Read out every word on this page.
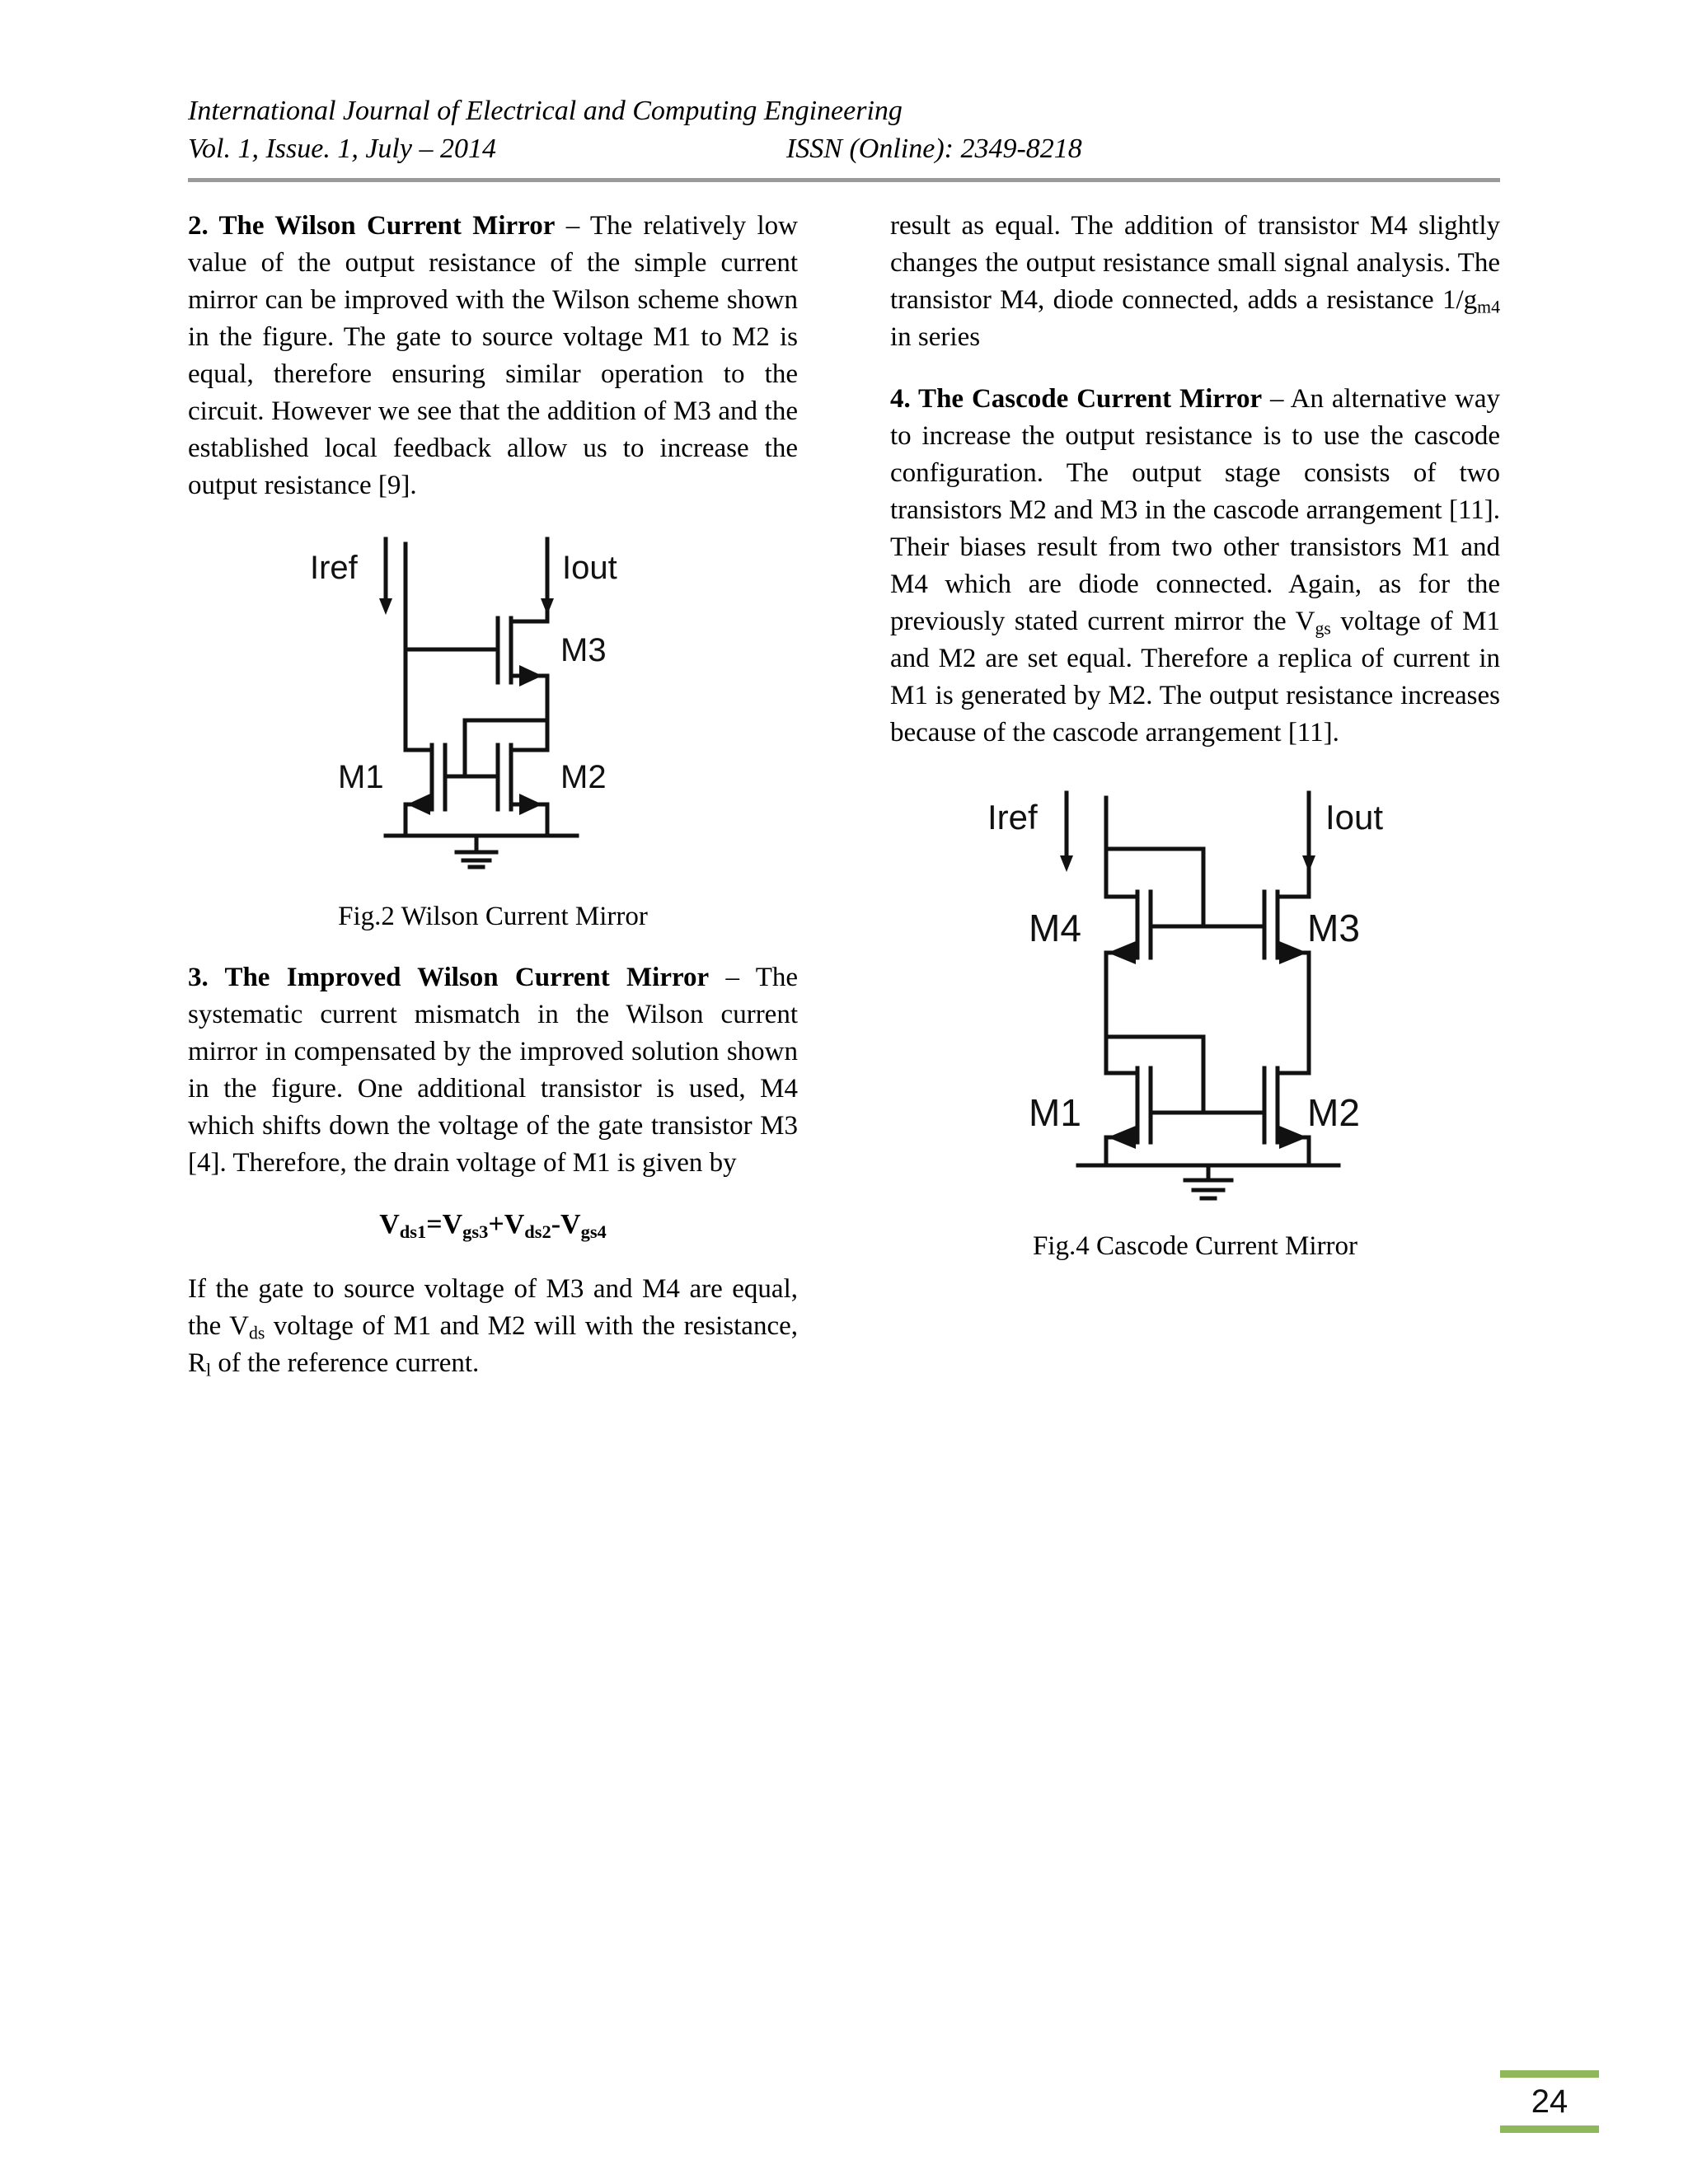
International Journal of Electrical and Computing Engineering
Vol. 1, Issue. 1, July – 2014	ISSN (Online): 2349-8218

2. The Wilson Current Mirror – The relatively low value of the output resistance of the simple current mirror can be improved with the Wilson scheme shown in the figure. The gate to source voltage M1 to M2 is equal, therefore ensuring similar operation to the circuit. However we see that the addition of M3 and the established local feedback allow us to increase the output resistance [9].

Iref	Iout
M3
M1	M2

Fig.2 Wilson Current Mirror

3. The Improved Wilson Current Mirror – The systematic current mismatch in the Wilson current mirror in compensated by the improved solution shown in the figure. One additional transistor is used, M4 which shifts down the voltage of the gate transistor M3 [4]. Therefore, the drain voltage of M1 is given by

$V_{ds1}=V_{gs3}+V_{ds2}-V_{gs4}$

If the gate to source voltage of M3 and M4 are equal, the $V_{ds}$ voltage of M1 and M2 will with the resistance, $R_l$ of the reference current.

result as equal. The addition of transistor M4 slightly changes the output resistance small signal analysis. The transistor M4, diode connected, adds a resistance $1/g_{m4}$ in series

4. The Cascode Current Mirror – An alternative way to increase the output resistance is to use the cascode configuration. The output stage consists of two transistors M2 and M3 in the cascode arrangement [11]. Their biases result from two other transistors M1 and M4 which are diode connected. Again, as for the previously stated current mirror the $V_{gs}$ voltage of M1 and M2 are set equal. Therefore a replica of current in M1 is generated by M2. The output resistance increases because of the cascode arrangement [11].

Iref	Iout
M4	M3
M1	M2

Fig.4 Cascode Current Mirror

24
